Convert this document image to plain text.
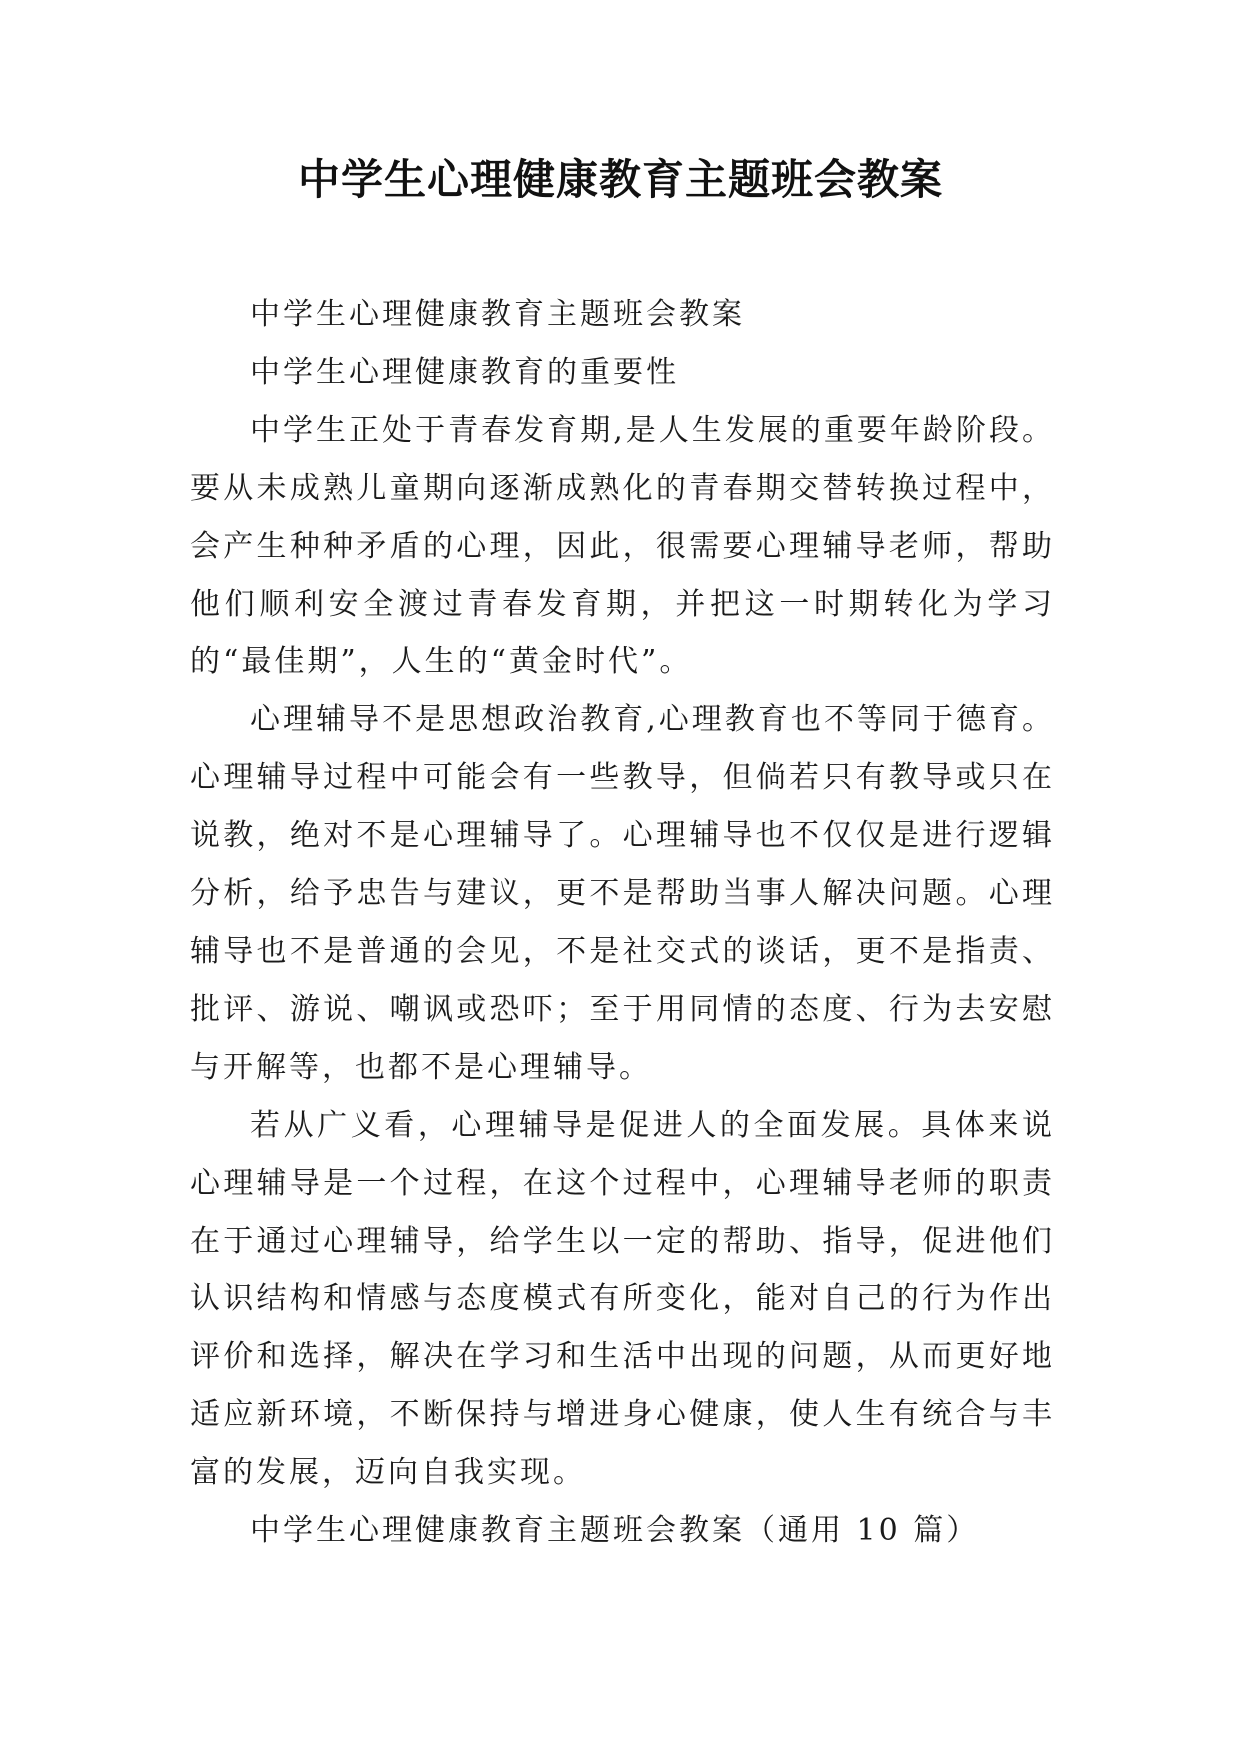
中学生心理健康教育主题班会教案

中学生心理健康教育主题班会教案

中学生心理健康教育的重要性

中学生正处于青春发育期,是人生发展的重要年龄阶段。要从未成熟儿童期向逐渐成熟化的青春期交替转换过程中，会产生种种矛盾的心理，因此，很需要心理辅导老师，帮助他们顺利安全渡过青春发育期，并把这一时期转化为学习的“最佳期”，人生的“黄金时代”。

心理辅导不是思想政治教育,心理教育也不等同于德育。心理辅导过程中可能会有一些教导，但倘若只有教导或只在说教，绝对不是心理辅导了。心理辅导也不仅仅是进行逻辑分析，给予忠告与建议，更不是帮助当事人解决问题。心理辅导也不是普通的会见，不是社交式的谈话，更不是指责、批评、游说、嘲讽或恐吓；至于用同情的态度、行为去安慰与开解等，也都不是心理辅导。

若从广义看，心理辅导是促进人的全面发展。具体来说心理辅导是一个过程，在这个过程中，心理辅导老师的职责在于通过心理辅导，给学生以一定的帮助、指导，促进他们认识结构和情感与态度模式有所变化，能对自己的行为作出评价和选择，解决在学习和生活中出现的问题，从而更好地适应新环境，不断保持与增进身心健康，使人生有统合与丰富的发展，迈向自我实现。

中学生心理健康教育主题班会教案（通用 10 篇）
